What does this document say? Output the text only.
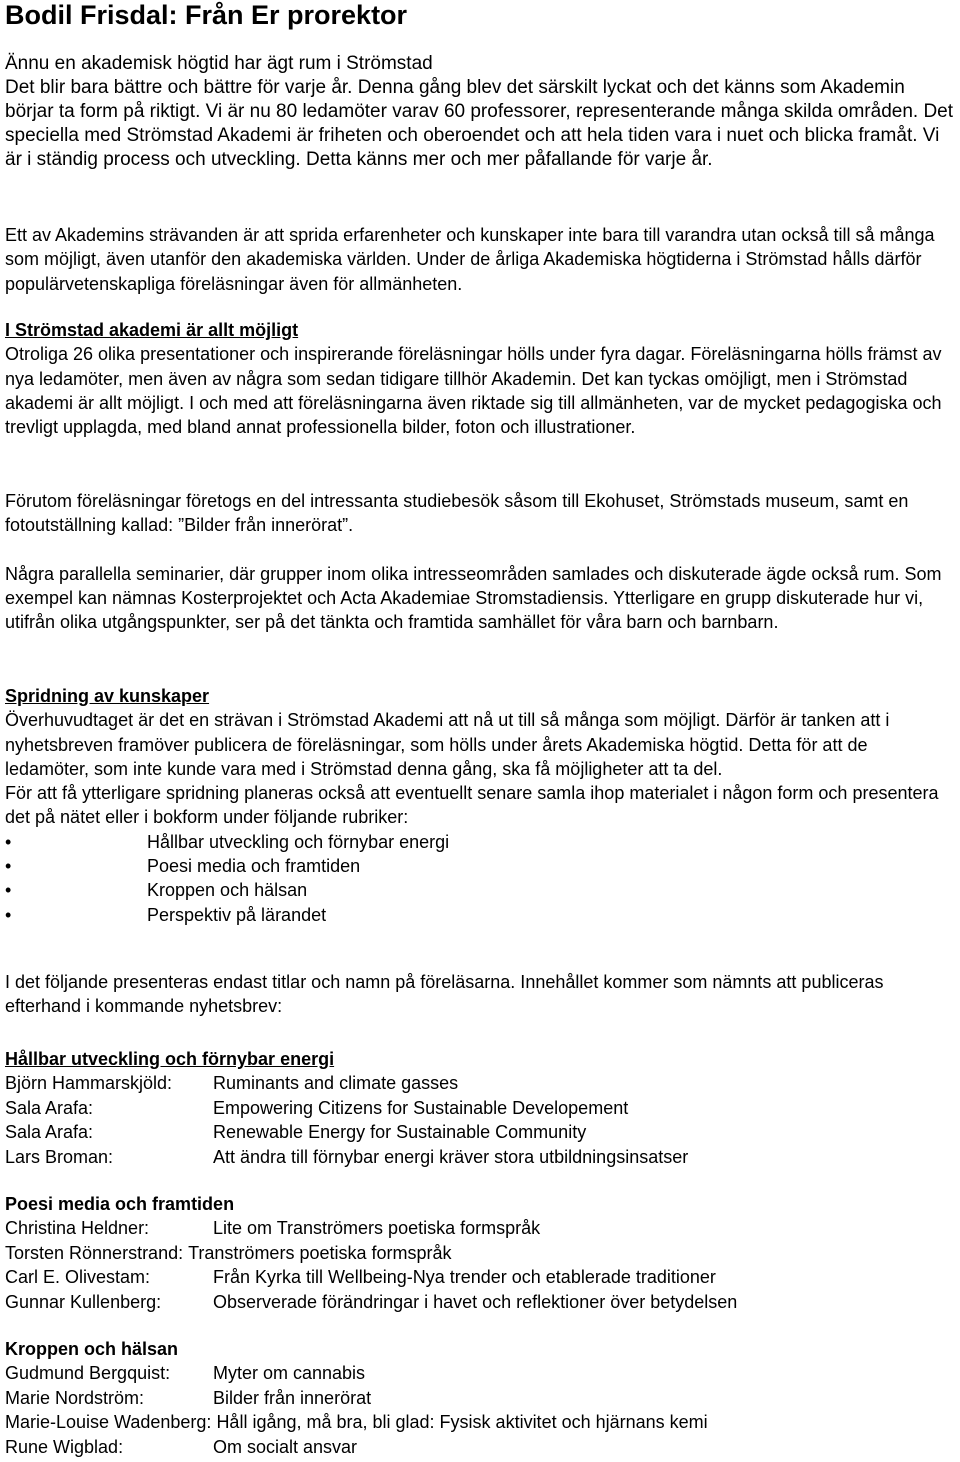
Bodil Frisdal: Från Er prorektor

Ännu en akademisk högtid har ägt rum i Strömstad

Det blir bara bättre och bättre för varje år. Denna gång blev det särskilt lyckat och det känns som Akademin börjar ta form på riktigt. Vi är nu 80 ledamöter varav 60 professorer, representerande många skilda områden. Det speciella med Strömstad Akademi är friheten och oberoendet och att hela tiden vara i nuet och blicka framåt. Vi är i ständig process och utveckling. Detta känns mer och mer påfallande för varje år.

Ett av Akademins strävanden är att sprida erfarenheter och kunskaper inte bara till varandra utan också till så många som möjligt, även utanför den akademiska världen. Under de årliga Akademiska högtiderna i Strömstad hålls därför populärvetenskapliga föreläsningar även för allmänheten.

I Strömstad akademi är allt möjligt

Otroliga 26 olika presentationer och inspirerande föreläsningar hölls under fyra dagar. Föreläsningarna hölls främst av nya ledamöter, men även av några som sedan tidigare tillhör Akademin. Det kan tyckas omöjligt, men i Strömstad akademi är allt möjligt. I och med att föreläsningarna även riktade sig till allmänheten, var de mycket pedagogiska och trevligt upplagda, med bland annat professionella bilder, foton och illustrationer.

Förutom föreläsningar företogs en del intressanta studiebesök såsom till Ekohuset, Strömstads museum, samt en fotoutställning kallad: ”Bilder från innerörat”.

Några parallella seminarier, där grupper inom olika intresseområden samlades och diskuterade ägde också rum. Som exempel kan nämnas Kosterprojektet och Acta Akademiae Stromstadiensis. Ytterligare en grupp diskuterade hur vi, utifrån olika utgångspunkter, ser på det tänkta och framtida samhället för våra barn och barnbarn.

Spridning av kunskaper

Överhuvudtaget är det en strävan i Strömstad Akademi att nå ut till så många som möjligt. Därför är tanken att i nyhetsbreven framöver publicera de föreläsningar, som hölls under årets Akademiska högtid. Detta för att de ledamöter, som inte kunde vara med i Strömstad denna gång, ska få möjligheter att ta del.

För att få ytterligare spridning planeras också att eventuellt senare samla ihop materialet i någon form och presentera det på nätet eller i bokform under följande rubriker:

•	Hållbar utveckling och förnybar energi
•	Poesi media och framtiden
•	Kroppen och hälsan
•	Perspektiv på lärandet

I det följande presenteras endast titlar och namn på föreläsarna. Innehållet kommer som nämnts att publiceras efterhand i kommande nyhetsbrev:

Hållbar utveckling och förnybar energi

Björn Hammarskjöld:	Ruminants and climate gasses
Sala Arafa:	Empowering Citizens for Sustainable Developement
Sala Arafa:	Renewable Energy for Sustainable Community
Lars Broman:	Att ändra till förnybar energi kräver stora utbildningsinsatser

Poesi media och framtiden

Christina Heldner:	Lite om Tranströmers poetiska formspråk
Torsten Rönnerstrand: Tranströmers poetiska formspråk
Carl E. Olivestam:	Från Kyrka till Wellbeing-Nya trender och etablerade traditioner
Gunnar Kullenberg:	Observerade förändringar i havet och reflektioner över betydelsen

Kroppen och hälsan

Gudmund Bergquist:	Myter om cannabis
Marie Nordström:	Bilder från innerörat
Marie-Louise Wadenberg: Håll igång, må bra, bli glad: Fysisk aktivitet och hjärnans kemi
Rune Wigblad:	Om socialt ansvar
